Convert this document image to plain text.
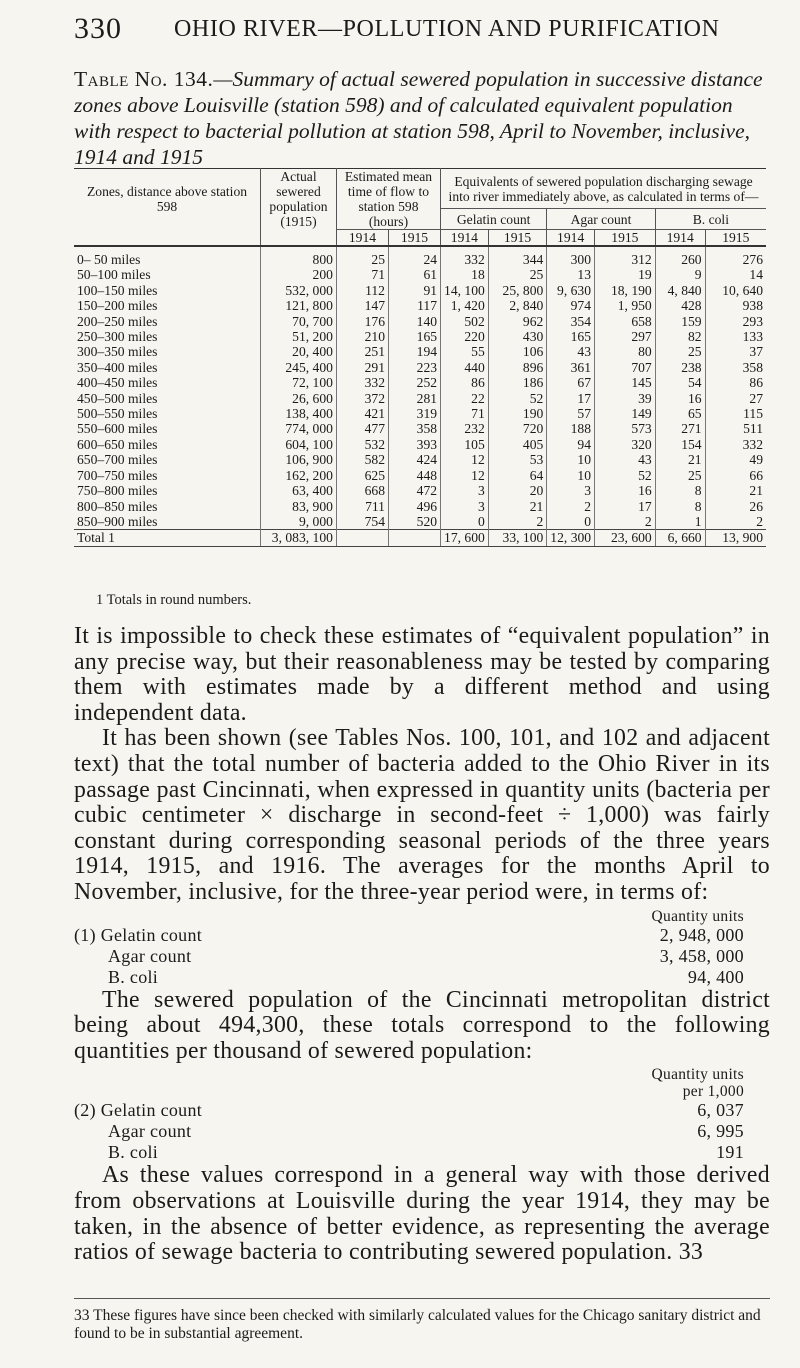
330 OHIO RIVER—POLLUTION AND PURIFICATION
Table No. 134.—Summary of actual sewered population in successive distance zones above Louisville (station 598) and of calculated equivalent population with respect to bacterial pollution at station 598, April to November, inclusive, 1914 and 1915
Zones, distance above station 598	Actual sewered population (1915)	Estimated mean time of flow to station 598 (hours)		Equivalents of sewered population discharging sewage into river immediately above, as calculated in terms of—					
				Gelatin count		Agar count		B. coli	
		1914	1915	1914	1915	1914	1915	1914	1915
0– 50 miles	800	25	24	332	344	300	312	260	276
50–100 miles	200	71	61	18	25	13	19	9	14
100–150 miles	532, 000	112	91	14, 100	25, 800	9, 630	18, 190	4, 840	10, 640
150–200 miles	121, 800	147	117	1, 420	2, 840	974	1, 950	428	938
200–250 miles	70, 700	176	140	502	962	354	658	159	293
250–300 miles	51, 200	210	165	220	430	165	297	82	133
300–350 miles	20, 400	251	194	55	106	43	80	25	37
350–400 miles	245, 400	291	223	440	896	361	707	238	358
400–450 miles	72, 100	332	252	86	186	67	145	54	86
450–500 miles	26, 600	372	281	22	52	17	39	16	27
500–550 miles	138, 400	421	319	71	190	57	149	65	115
550–600 miles	774, 000	477	358	232	720	188	573	271	511
600–650 miles	604, 100	532	393	105	405	94	320	154	332
650–700 miles	106, 900	582	424	12	53	10	43	21	49
700–750 miles	162, 200	625	448	12	64	10	52	25	66
750–800 miles	63, 400	668	472	3	20	3	16	8	21
800–850 miles	83, 900	711	496	3	21	2	17	8	26
850–900 miles	9, 000	754	520	0	2	0	2	1	2
Total 1	3, 083, 100			17, 600	33, 100	12, 300	23, 600	6, 660	13, 900
1 Totals in round numbers.

It is impossible to check these estimates of “equivalent population” in any precise way, but their reasonableness may be tested by comparing them with estimates made by a different method and using independent data.

It has been shown (see Tables Nos. 100, 101, and 102 and adjacent text) that the total number of bacteria added to the Ohio River in its passage past Cincinnati, when expressed in quantity units (bacteria per cubic centimeter × discharge in second-feet ÷ 1,000) was fairly constant during corresponding seasonal periods of the three years 1914, 1915, and 1916. The averages for the months April to November, inclusive, for the three-year period were, in terms of:

Quantity units
(1) Gelatin count	2, 948, 000
Agar count	3, 458, 000
B. coli	94, 400

The sewered population of the Cincinnati metropolitan district being about 494,300, these totals correspond to the following quantities per thousand of sewered population:

Quantity units
per 1,000
(2) Gelatin count	6, 037
Agar count	6, 995
B. coli	191

As these values correspond in a general way with those derived from observations at Louisville during the year 1914, they may be taken, in the absence of better evidence, as representing the average ratios of sewage bacteria to contributing sewered population. 33

33 These figures have since been checked with similarly calculated values for the Chicago sanitary district and found to be in substantial agreement.
